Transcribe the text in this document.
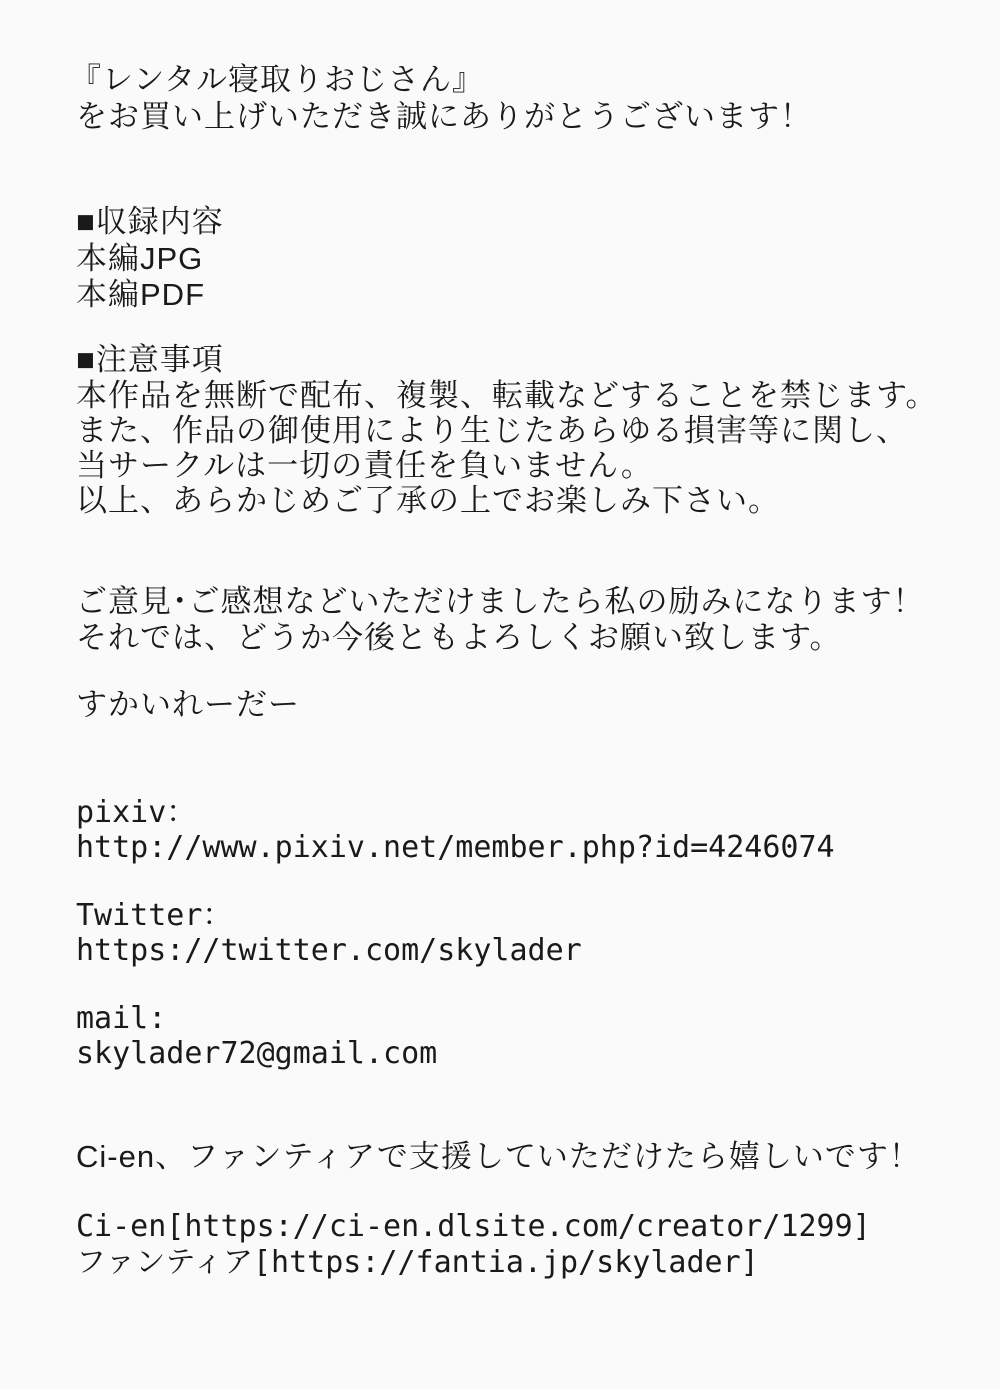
『レンタル寝取りおじさん』
をお買い上げいただき誠にありがとうございます！
■収録内容
本編JPG
本編PDF
■注意事項
本作品を無断で配布、複製、転載などすることを禁じます。
また、作品の御使用により生じたあらゆる損害等に関し、
当サークルは一切の責任を負いません。
以上、あらかじめご了承の上でお楽しみ下さい。
ご意見･ご感想などいただけましたら私の励みになります！
それでは、どうか今後ともよろしくお願い致します。
すかいれーだー
pixiv：
http://www.pixiv.net/member.php?id=4246074
Twitter：
https://twitter.com/skylader
mail:
skylader72@gmail.com
Ci-en、ファンティアで支援していただけたら嬉しいです！
Ci-en[https://ci-en.dlsite.com/creator/1299]
ファンティア[https://fantia.jp/skylader]
